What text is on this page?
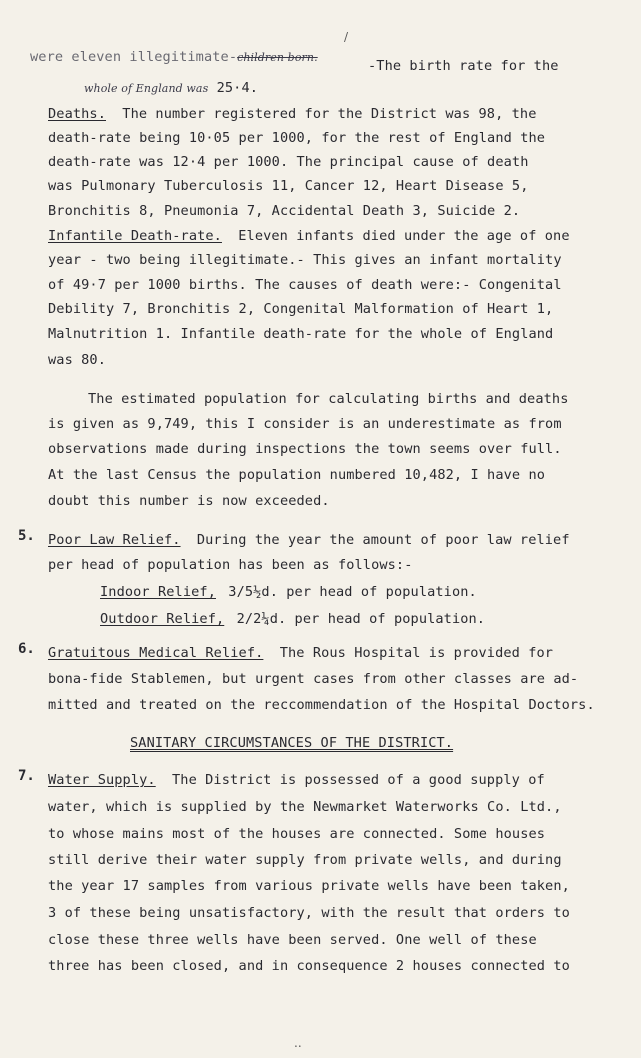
/
were eleven illegitimate-children born.
-The birth rate for the
whole of England was 25·4.
Deaths. The number registered for the District was 98, the
death-rate being 10·05 per 1000, for the rest of England the
death-rate was 12·4 per 1000. The principal cause of death
was Pulmonary Tuberculosis 11, Cancer 12, Heart Disease 5,
Bronchitis 8, Pneumonia 7, Accidental Death 3, Suicide 2.
Infantile Death-rate. Eleven infants died under the age of one
year - two being illegitimate.- This gives an infant mortality
of 49·7 per 1000 births. The causes of death were:- Congenital
Debility 7, Bronchitis 2, Congenital Malformation of Heart 1,
Malnutrition 1. Infantile death-rate for the whole of England
was 80.
The estimated population for calculating births and deaths
is given as 9,749, this I consider is an underestimate as from
observations made during inspections the town seems over full.
At the last Census the population numbered 10,482, I have no
doubt this number is now exceeded.
5. Poor Law Relief. During the year the amount of poor law relief
per head of population has been as follows:-
Indoor Relief, 3/5½d. per head of population.
Outdoor Relief, 2/2¼d. per head of population.
6. Gratuitous Medical Relief. The Rous Hospital is provided for
bona-fide Stablemen, but urgent cases from other classes are ad-
mitted and treated on the reccommendation of the Hospital Doctors.
SANITARY CIRCUMSTANCES OF THE DISTRICT.
7. Water Supply. The District is possessed of a good supply of
water, which is supplied by the Newmarket Waterworks Co. Ltd.,
to whose mains most of the houses are connected. Some houses
still derive their water supply from private wells, and during
the year 17 samples from various private wells have been taken,
3 of these being unsatisfactory, with the result that orders to
close these three wells have been served. One well of these
three has been closed, and in consequence 2 houses connected to
..
